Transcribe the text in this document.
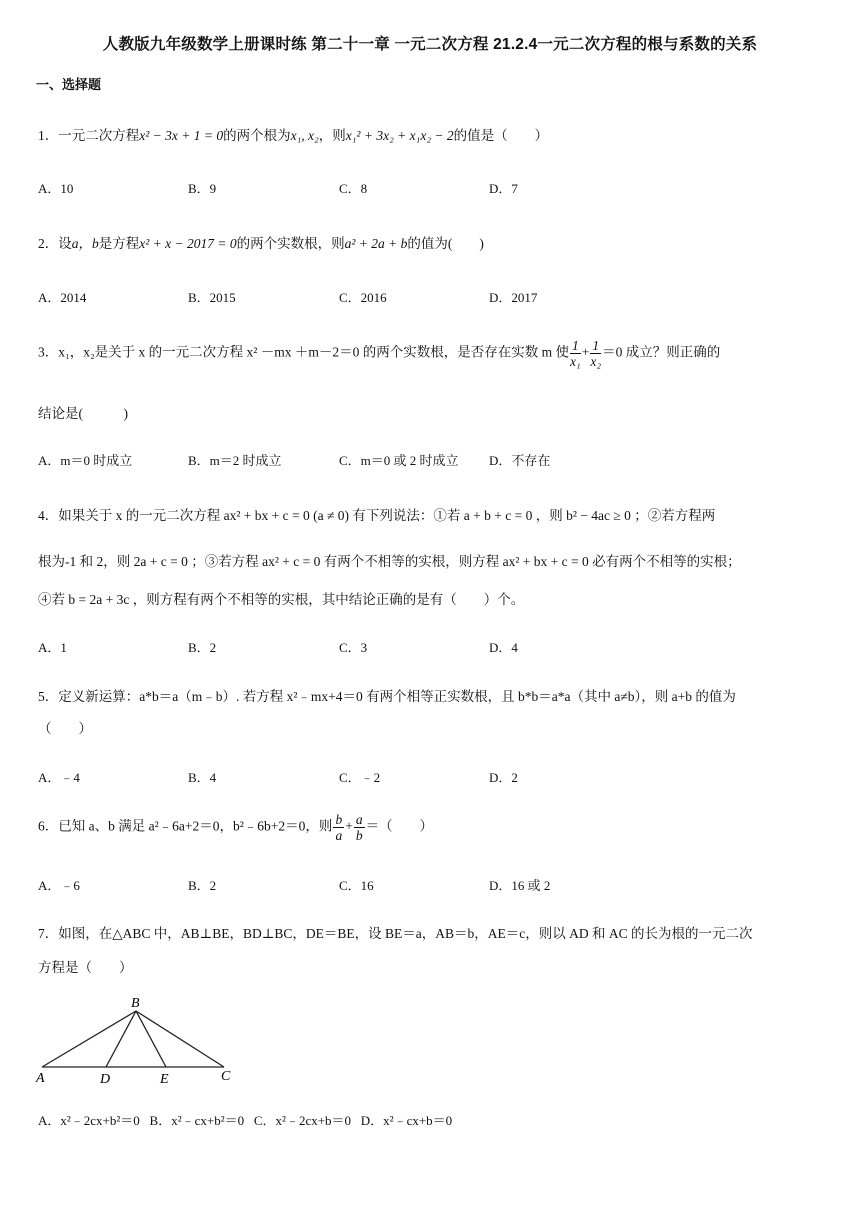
人教版九年级数学上册课时练 第二十一章 一元二次方程 21.2.4一元二次方程的根与系数的关系
一、选择题
1．一元二次方程x² − 3x + 1 = 0的两个根为x₁, x₂，则x₁² + 3x₂ + x₁x₂ − 2的值是（　　）
A．10	B．9	C．8	D．7
2．设a，b是方程x² + x − 2017 = 0的两个实数根，则a² + 2a + b的值为(　　)
A．2014	B．2015	C．2016	D．2017
3．x₁，x₂是关于 x 的一元二次方程 x² －mx ＋m－2＝0 的两个实数根，是否存在实数 m 使 $\frac{1}{\text{x₁}} + \frac{1}{\text{x₂}} =0$ 成立？则正确的
结论是(　　　)
A．m＝0 时成立	B．m＝2 时成立	C．m＝0 或 2 时成立 D．不存在
4．如果关于 x 的一元二次方程 ax² + bx + c = 0 (a ≠ 0) 有下列说法：①若 a + b + c = 0 ，则 b² − 4ac ≥ 0 ；②若方程两
根为-1 和 2，则 2a + c = 0 ；③若方程 ax² + c = 0 有两个不相等的实根，则方程 ax² + bx + c = 0 必有两个不相等的实根；
④若 b = 2a + 3c ，则方程有两个不相等的实根，其中结论正确的是有（　　）个。
A．1	B．2	C．3	D．4
5．定义新运算：a*b＝a（m﹣b）. 若方程 x²﹣mx+4＝0 有两个相等正实数根，且 b*b＝a*a（其中 a≠b），则 a+b 的值为
（　　）
A．﹣4	B．4	C．﹣2	D．2
6．已知 a、b 满足 a²﹣6a+2＝0，b²﹣6b+2＝0，则 $\frac{b}{a} + \frac{a}{b}$ ＝（　　）
A．﹣6	B．2	C．16	D．16 或 2
7．如图，在△ABC 中，AB⊥BE，BD⊥BC，DE＝BE，设 BE＝a，AB＝b，AE＝c，则以 AD 和 AC 的长为根的一元二次
方程是（　　）
B
A	D	E	C
A．x²﹣2cx+b²＝0 B．x²﹣cx+b²＝0 C．x²﹣2cx+b＝0 D．x²﹣cx+b＝0
